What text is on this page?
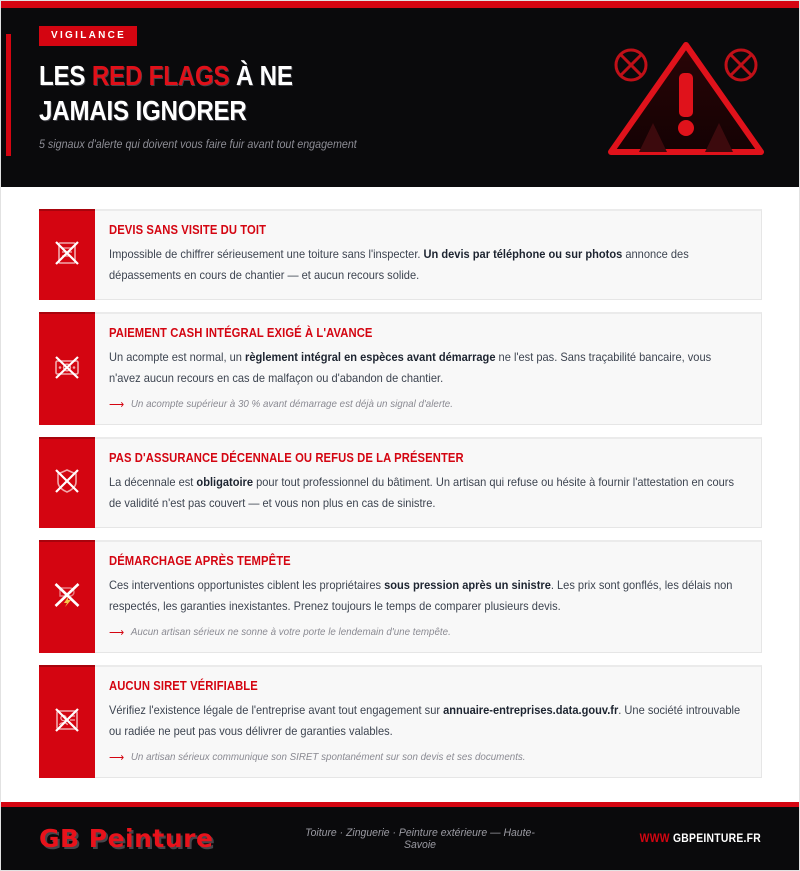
VIGILANCE
LES RED FLAGS À NE
JAMAIS IGNORER
5 signaux d'alerte qui doivent vous faire fuir avant tout engagement
DEVIS SANS VISITE DU TOIT
Impossible de chiffrer sérieusement une toiture sans l'inspecter. Un devis par téléphone ou sur photos annonce des dépassements en cours de chantier — et aucun recours solide.
PAIEMENT CASH INTÉGRAL EXIGÉ À L'AVANCE
Un acompte est normal, un règlement intégral en espèces avant démarrage ne l'est pas. Sans traçabilité bancaire, vous n'avez aucun recours en cas de malfaçon ou d'abandon de chantier.
⟶ Un acompte supérieur à 30 % avant démarrage est déjà un signal d'alerte.
PAS D'ASSURANCE DÉCENNALE OU REFUS DE LA PRÉSENTER
La décennale est obligatoire pour tout professionnel du bâtiment. Un artisan qui refuse ou hésite à fournir l'attestation en cours de validité n'est pas couvert — et vous non plus en cas de sinistre.
DÉMARCHAGE APRÈS TEMPÊTE
Ces interventions opportunistes ciblent les propriétaires sous pression après un sinistre. Les prix sont gonflés, les délais non respectés, les garanties inexistantes. Prenez toujours le temps de comparer plusieurs devis.
⟶ Aucun artisan sérieux ne sonne à votre porte le lendemain d'une tempête.
AUCUN SIRET VÉRIFIABLE
Vérifiez l'existence légale de l'entreprise avant tout engagement sur annuaire-entreprises.data.gouv.fr. Une société introuvable ou radiée ne peut pas vous délivrer de garanties valables.
⟶ Un artisan sérieux communique son SIRET spontanément sur son devis et ses documents.
GB Peinture	Toiture · Zinguerie · Peinture extérieure — Haute-Savoie	WWW GBPEINTURE.FR
